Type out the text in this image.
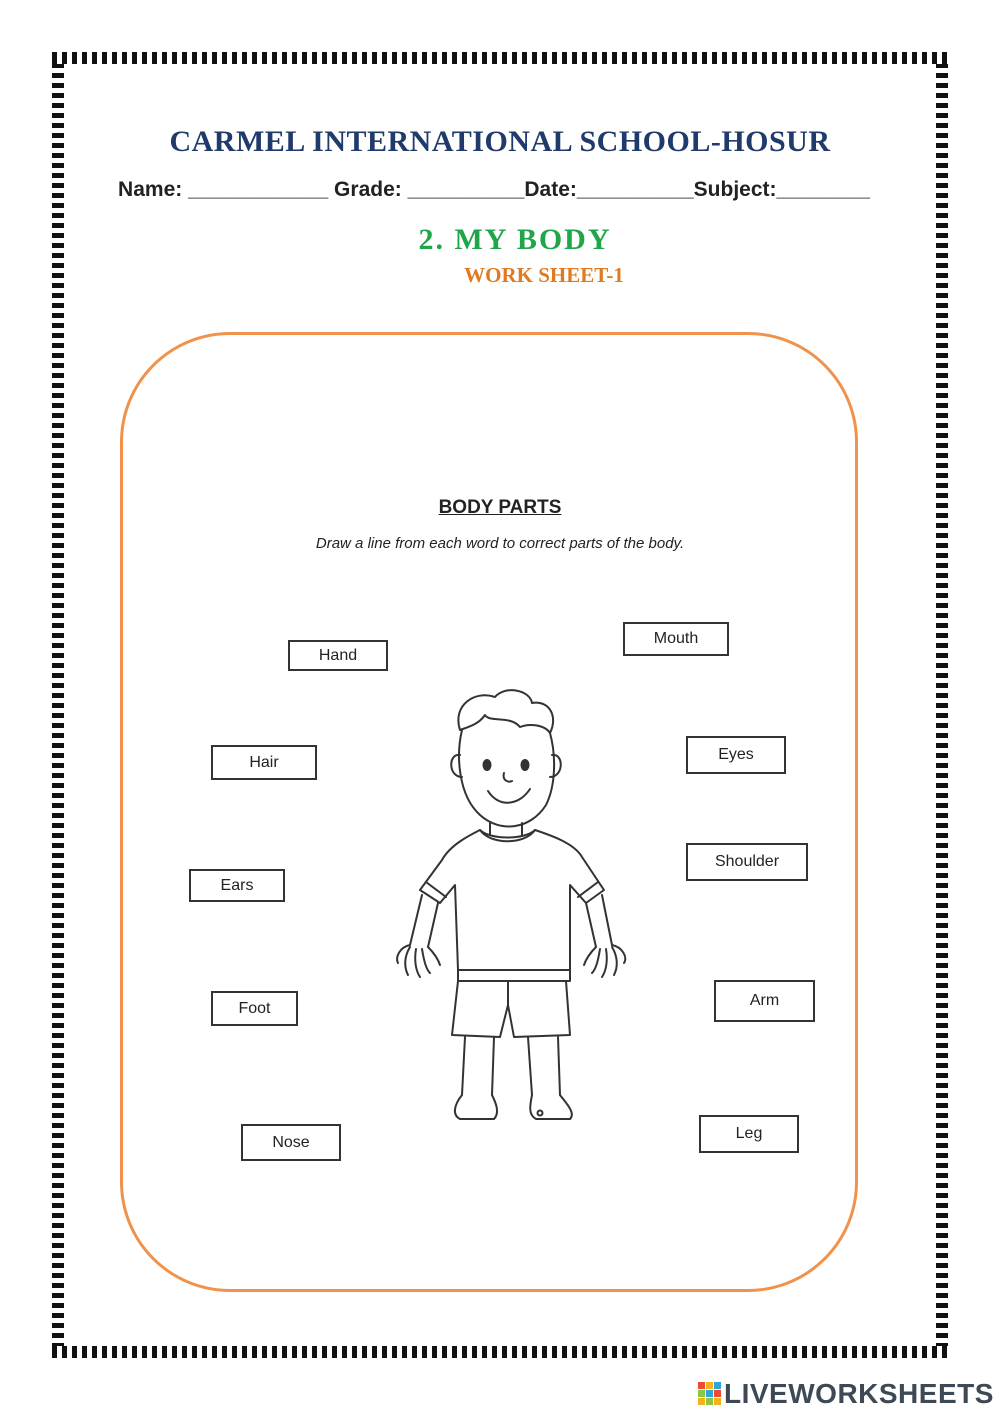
CARMEL INTERNATIONAL SCHOOL-HOSUR
Name: ____________ Grade: __________Date:__________Subject:________
2. MY BODY
WORK SHEET-1
BODY PARTS
Draw a line from each word to correct parts of the body.
Hand
Hair
Ears
Foot
Nose
Mouth
Eyes
Shoulder
Arm
Leg
LIVEWORKSHEETS
